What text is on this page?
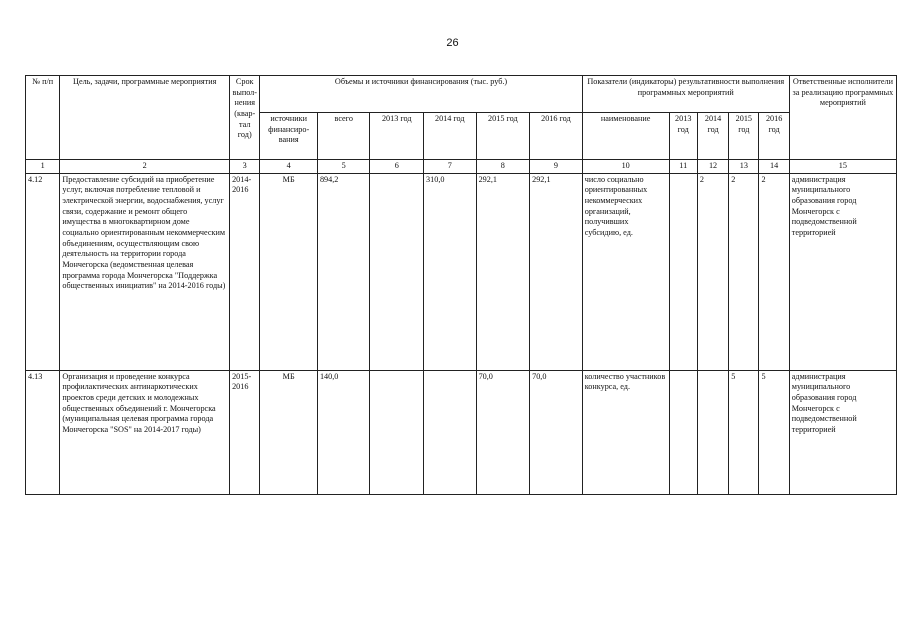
26
№ п/п	Цель, задачи, программные мероприятия	Срок выпол-нения (квар-тал год)	Объемы и источники финансирования (тыс. руб.)						Показатели (индикаторы) результативности выполнения программных мероприятий					Ответственные исполнители за реализацию программных мероприятий
			источники финансиро-вания	всего	2013 год	2014 год	2015 год	2016 год	наименование	2013 год	2014 год	2015 год	2016 год	
1	2	3	4	5	6	7	8	9	10	11	12	13	14	15
4.12	Предоставление субсидий на приобретение услуг, включая потребление тепловой и электрической энергии, водоснабжения, услуг связи, содержание и ремонт общего имущества в многоквартирном доме социально ориентированным некоммерческим объединениям, осуществляющим свою деятельность на территории города Мончегорска (ведомственная целевая программа города Мончегорска "Поддержка общественных инициатив" на 2014-2016 годы)	2014-2016	МБ	894,2		310,0	292,1	292,1	число социально ориентированных некоммерческих организаций, получивших субсидию, ед.		2	2	2	администрация муниципального образования город Мончегорск с подведомственной территорией
4.13	Организация и проведение конкурса профилактических антинаркотических проектов среди детских и молодежных общественных объединений г. Мончегорска (муниципальная целевая программа города Мончегорска "SOS" на 2014-2017 годы)	2015-2016	МБ	140,0			70,0	70,0	количество участников конкурса, ед.			5	5	администрация муниципального образования город Мончегорск с подведомственной территорией
